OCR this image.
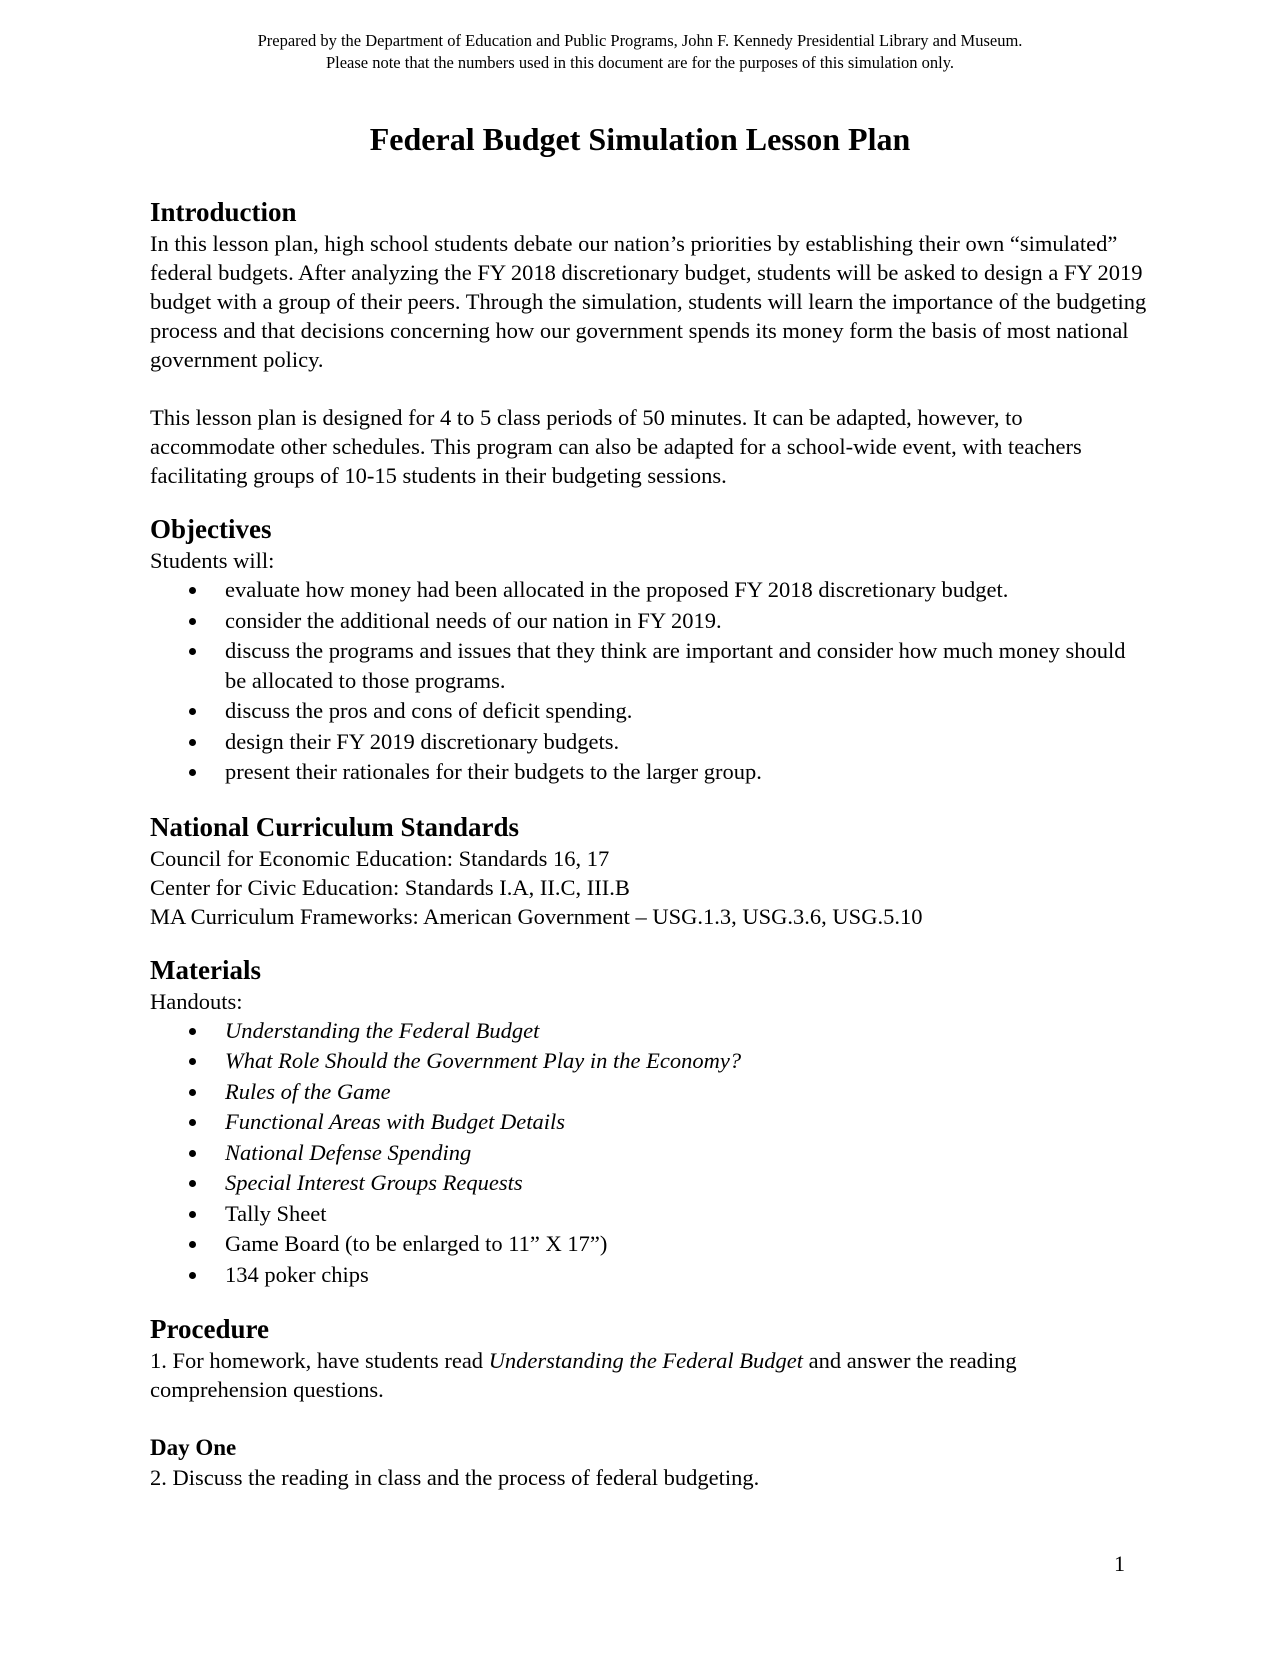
Prepared by the Department of Education and Public Programs, John F. Kennedy Presidential Library and Museum.
Please note that the numbers used in this document are for the purposes of this simulation only.
Federal Budget Simulation Lesson Plan
Introduction

In this lesson plan, high school students debate our nation’s priorities by establishing their own “simulated” federal budgets. After analyzing the FY 2018 discretionary budget, students will be asked to design a FY 2019 budget with a group of their peers. Through the simulation, students will learn the importance of the budgeting process and that decisions concerning how our government spends its money form the basis of most national government policy.

This lesson plan is designed for 4 to 5 class periods of 50 minutes. It can be adapted, however, to accommodate other schedules. This program can also be adapted for a school-wide event, with teachers facilitating groups of 10-15 students in their budgeting sessions.

Objectives

Students will:

evaluate how money had been allocated in the proposed FY 2018 discretionary budget.
consider the additional needs of our nation in FY 2019.
discuss the programs and issues that they think are important and consider how much money should be allocated to those programs.
discuss the pros and cons of deficit spending.
design their FY 2019 discretionary budgets.
present their rationales for their budgets to the larger group.
National Curriculum Standards

Council for Economic Education: Standards 16, 17

Center for Civic Education: Standards I.A, II.C, III.B

MA Curriculum Frameworks: American Government – USG.1.3, USG.3.6, USG.5.10

Materials

Handouts:

Understanding the Federal Budget
What Role Should the Government Play in the Economy?
Rules of the Game
Functional Areas with Budget Details
National Defense Spending
Special Interest Groups Requests
Tally Sheet
Game Board (to be enlarged to 11” X 17”)
134 poker chips
Procedure

1. For homework, have students read Understanding the Federal Budget and answer the reading comprehension questions.

Day One

2. Discuss the reading in class and the process of federal budgeting.

1
